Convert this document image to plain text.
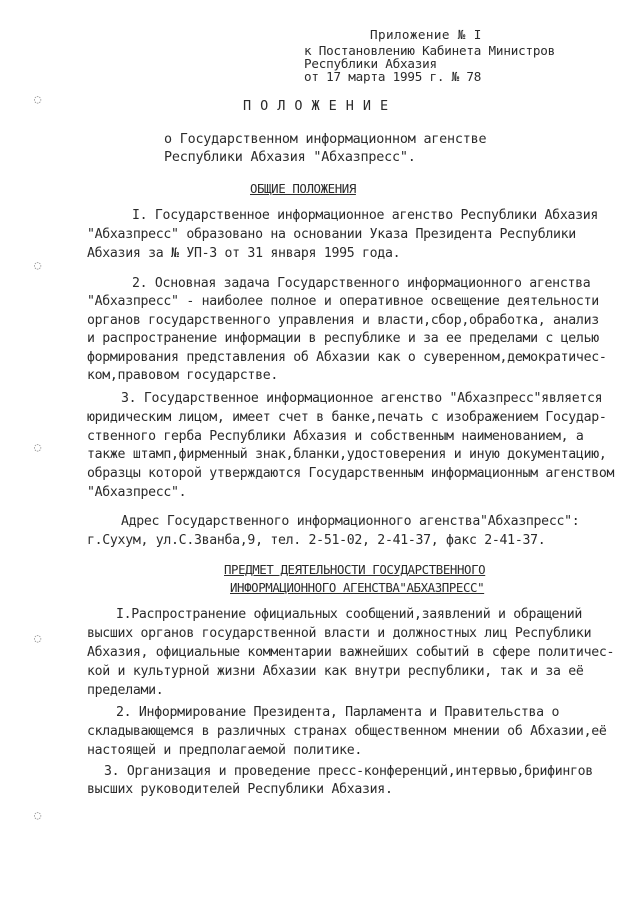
Приложение № I
к Постановлению Кабинета Министров
Республики Абхазия
от 17 марта 1995 г. № 78
ПОЛОЖЕНИЕ
о Государственном информационном агенстве
Республики Абхазия "Абхазпресс".
ОБЩИЕ ПОЛОЖЕНИЯ
I. Государственное информационное агенство Республики Абхазия
"Абхазпресс" образовано на основании Указа Президента Республики
Абхазия за № УП-3 от 31 января 1995 года.
2. Основная задача Государственного информационного агенства
"Абхазпресс" - наиболее полное и оперативное освещение деятельности
органов государственного управления и власти,сбор,обработка, анализ
и распространение информации в республике и за ее пределами с целью
формирования представления об Абхазии как о суверенном,демократичес-
ком,правовом государстве.
3. Государственное информационное агенство "Абхазпресс"является
юридическим лицом, имеет счет в банке,печать с изображением Государ-
ственного герба Республики Абхазия и собственным наименованием, а
также штамп,фирменный знак,бланки,удостоверения и иную документацию,
образцы которой утверждаются Государственным информационным агенством
"Абхазпресс".
Адрес Государственного информационного агенства"Абхазпресс":
г.Сухум, ул.С.Званба,9, тел. 2-51-02, 2-41-37, факс 2-41-37.
ПРЕДМЕТ ДЕЯТЕЛЬНОСТИ ГОСУДАРСТВЕННОГО
ИНФОРМАЦИОННОГО АГЕНСТВА"АБХАЗПРЕСС"
I.Распространение официальных сообщений,заявлений и обращений
высших органов государственной власти и должностных лиц Республики
Абхазия, официальные комментарии важнейших событий в сфере политичес-
кой и культурной жизни Абхазии как внутри республики, так и за её
пределами.
2. Информирование Президента, Парламента и Правительства о
складывающемся в различных странах общественном мнении об Абхазии,её
настоящей и предполагаемой политике.
3. Организация и проведение пресс-конференций,интервью,брифингов
высших руководителей Республики Абхазия.
◌
◌
◌
◌
◌
